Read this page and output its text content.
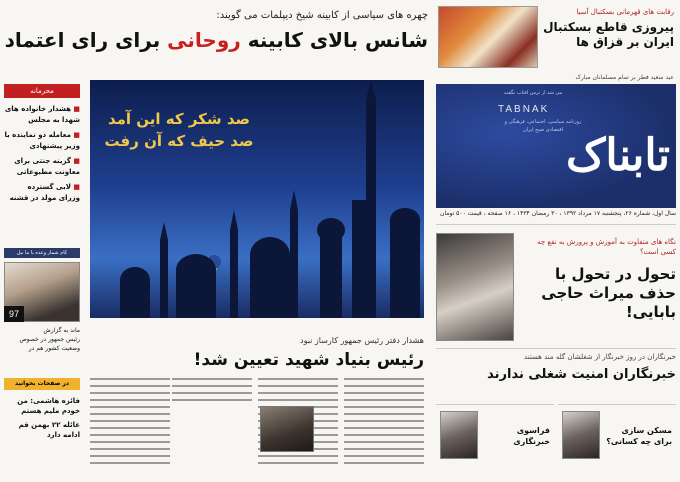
رقابت های قهرمانی بسکتبال آسیا
پیروزی قاطع بسکتبال ایران بر قزاق ها
عید سعید فطر بر تمام مسلمانان مبارک
می شد از ترس افتاب نگفت
TABNAK
روزنامه سیاسی، اجتماعی، فرهنگی و اقتصادی صبح ایران تابناک
سال اول، شماره ۲۶، پنجشنبه ۱۷ مرداد ۱۳۹۲ ، ۳۰ رمضان ۱۴۳۴ ، ۱۶ صفحه ، قیمت ۵۰۰ تومان
نگاه های متفاوت به آموزش و پرورش به نفع چه کسی است؟
تحول در تحول با حذف میراث حاجی بابایی!
خبرنگاران در روز خبرنگار از شغلشان گله مند هستند
خبرنگاران امنیت شغلی ندارند
مسکن سازی برای چه کسانی؟
فراسوی خبرنگاری
چهره های سیاسی از کابینه شیخ دیپلمات می گویند:
شانس بالای کابینه روحانی برای رای اعتماد
صد شکر که این آمد
صد حیف که آن رفت
هشدار دفتر رئیس جمهور کارساز نبود
رئیس بنیاد شهید تعیین شد!
محرمانه
■ هشدار خانواده های شهدا به مجلس
■ معامله دو نماینده با وزیر پیشنهادی
■ گزینه جنتی برای معاونت مطبوعاتی
■ لابی گسترده وزرای مولد در قشنه
کام شمار وعده با ما نیل
97
ماند به گزارش
رئیس جمهور در خصوص وضعیت کشور هم در
در صفحات بخوانید
فائزه هاشمی: من خودم ملیم هستم
غائله ۲۲ بهمن قم ادامه دارد
